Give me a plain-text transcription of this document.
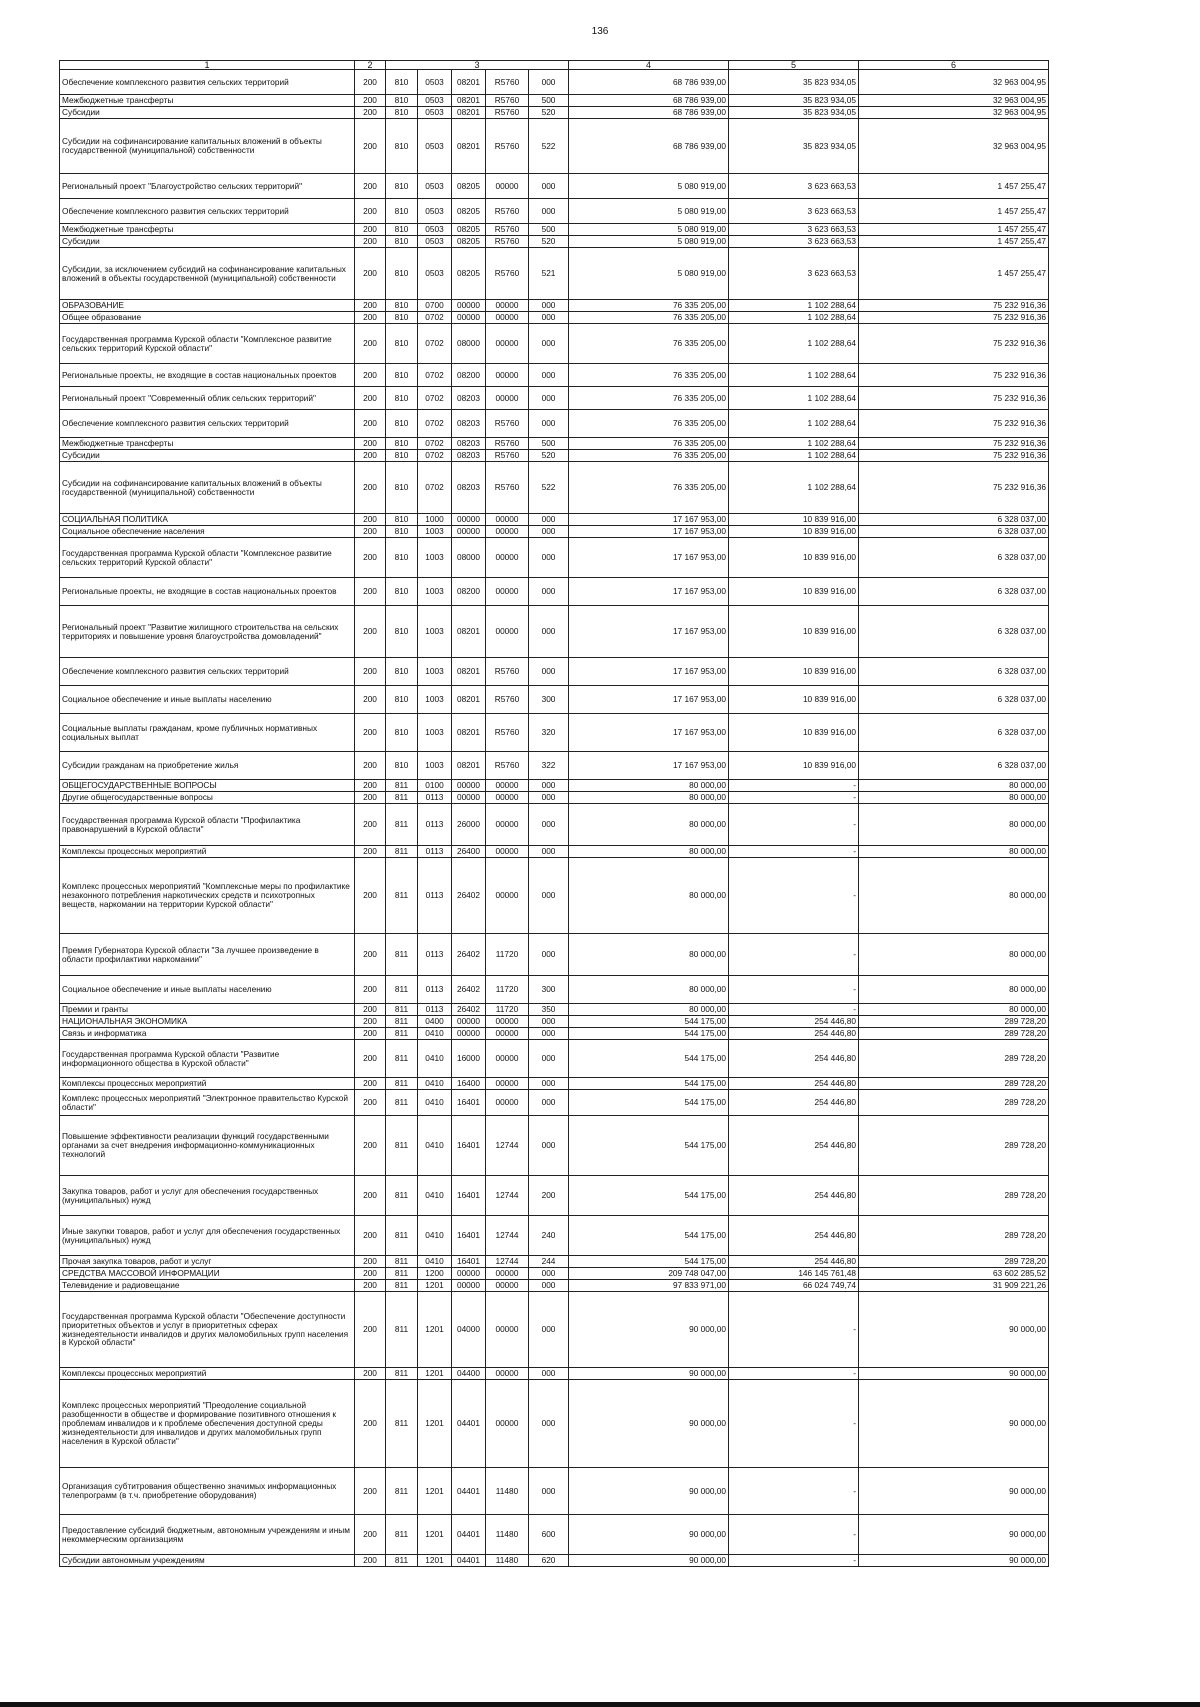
136
1	2	3					4	5	6
Обеспечение комплексного развития сельских территорий	200	810	0503	08201	R5760	000	68 786 939,00	35 823 934,05	32 963 004,95
Межбюджетные трансферты	200	810	0503	08201	R5760	500	68 786 939,00	35 823 934,05	32 963 004,95
Субсидии	200	810	0503	08201	R5760	520	68 786 939,00	35 823 934,05	32 963 004,95
Субсидии на софинансирование капитальных вложений в объекты государственной (муниципальной) собственности	200	810	0503	08201	R5760	522	68 786 939,00	35 823 934,05	32 963 004,95
Региональный проект "Благоустройство сельских территорий"	200	810	0503	08205	00000	000	5 080 919,00	3 623 663,53	1 457 255,47
Обеспечение комплексного развития сельских территорий	200	810	0503	08205	R5760	000	5 080 919,00	3 623 663,53	1 457 255,47
Межбюджетные трансферты	200	810	0503	08205	R5760	500	5 080 919,00	3 623 663,53	1 457 255,47
Субсидии	200	810	0503	08205	R5760	520	5 080 919,00	3 623 663,53	1 457 255,47
Субсидии, за исключением субсидий на софинансирование капитальных вложений в объекты государственной (муниципальной) собственности	200	810	0503	08205	R5760	521	5 080 919,00	3 623 663,53	1 457 255,47
ОБРАЗОВАНИЕ	200	810	0700	00000	00000	000	76 335 205,00	1 102 288,64	75 232 916,36
Общее образование	200	810	0702	00000	00000	000	76 335 205,00	1 102 288,64	75 232 916,36
Государственная программа Курской области "Комплексное развитие сельских территорий Курской области"	200	810	0702	08000	00000	000	76 335 205,00	1 102 288,64	75 232 916,36
Региональные проекты, не входящие в состав национальных проектов	200	810	0702	08200	00000	000	76 335 205,00	1 102 288,64	75 232 916,36
Региональный проект "Современный облик сельских территорий"	200	810	0702	08203	00000	000	76 335 205,00	1 102 288,64	75 232 916,36
Обеспечение комплексного развития сельских территорий	200	810	0702	08203	R5760	000	76 335 205,00	1 102 288,64	75 232 916,36
Межбюджетные трансферты	200	810	0702	08203	R5760	500	76 335 205,00	1 102 288,64	75 232 916,36
Субсидии	200	810	0702	08203	R5760	520	76 335 205,00	1 102 288,64	75 232 916,36
Субсидии на софинансирование капитальных вложений в объекты государственной (муниципальной) собственности	200	810	0702	08203	R5760	522	76 335 205,00	1 102 288,64	75 232 916,36
СОЦИАЛЬНАЯ ПОЛИТИКА	200	810	1000	00000	00000	000	17 167 953,00	10 839 916,00	6 328 037,00
Социальное обеспечение населения	200	810	1003	00000	00000	000	17 167 953,00	10 839 916,00	6 328 037,00
Государственная программа Курской области "Комплексное развитие сельских территорий Курской области"	200	810	1003	08000	00000	000	17 167 953,00	10 839 916,00	6 328 037,00
Региональные проекты, не входящие в состав национальных проектов	200	810	1003	08200	00000	000	17 167 953,00	10 839 916,00	6 328 037,00
Региональный проект "Развитие жилищного строительства на сельских территориях и повышение уровня благоустройства домовладений"	200	810	1003	08201	00000	000	17 167 953,00	10 839 916,00	6 328 037,00
Обеспечение комплексного развития сельских территорий	200	810	1003	08201	R5760	000	17 167 953,00	10 839 916,00	6 328 037,00
Социальное обеспечение и иные выплаты населению	200	810	1003	08201	R5760	300	17 167 953,00	10 839 916,00	6 328 037,00
Социальные выплаты гражданам, кроме публичных нормативных социальных выплат	200	810	1003	08201	R5760	320	17 167 953,00	10 839 916,00	6 328 037,00
Субсидии гражданам на приобретение жилья	200	810	1003	08201	R5760	322	17 167 953,00	10 839 916,00	6 328 037,00
ОБЩЕГОСУДАРСТВЕННЫЕ ВОПРОСЫ	200	811	0100	00000	00000	000	80 000,00	-	80 000,00
Другие общегосударственные вопросы	200	811	0113	00000	00000	000	80 000,00	-	80 000,00
Государственная программа Курской области "Профилактика правонарушений в Курской области"	200	811	0113	26000	00000	000	80 000,00	-	80 000,00
Комплексы процессных мероприятий	200	811	0113	26400	00000	000	80 000,00	-	80 000,00
Комплекс процессных мероприятий "Комплексные меры по профилактике незаконного потребления наркотических средств и психотропных веществ, наркомании на территории Курской области"	200	811	0113	26402	00000	000	80 000,00	-	80 000,00
Премия Губернатора Курской области "За лучшее произведение в области профилактики наркомании"	200	811	0113	26402	11720	000	80 000,00	-	80 000,00
Социальное обеспечение и иные выплаты населению	200	811	0113	26402	11720	300	80 000,00	-	80 000,00
Премии и гранты	200	811	0113	26402	11720	350	80 000,00	-	80 000,00
НАЦИОНАЛЬНАЯ ЭКОНОМИКА	200	811	0400	00000	00000	000	544 175,00	254 446,80	289 728,20
Связь и информатика	200	811	0410	00000	00000	000	544 175,00	254 446,80	289 728,20
Государственная программа Курской области "Развитие информационного общества в Курской области"	200	811	0410	16000	00000	000	544 175,00	254 446,80	289 728,20
Комплексы процессных мероприятий	200	811	0410	16400	00000	000	544 175,00	254 446,80	289 728,20
Комплекс процессных мероприятий "Электронное правительство Курской области"	200	811	0410	16401	00000	000	544 175,00	254 446,80	289 728,20
Повышение эффективности реализации функций государственными органами за счет внедрения информационно-коммуникационных технологий	200	811	0410	16401	12744	000	544 175,00	254 446,80	289 728,20
Закупка товаров, работ и услуг для обеспечения государственных (муниципальных) нужд	200	811	0410	16401	12744	200	544 175,00	254 446,80	289 728,20
Иные закупки товаров, работ и услуг для обеспечения государственных (муниципальных) нужд	200	811	0410	16401	12744	240	544 175,00	254 446,80	289 728,20
Прочая закупка товаров, работ и услуг	200	811	0410	16401	12744	244	544 175,00	254 446,80	289 728,20
СРЕДСТВА МАССОВОЙ ИНФОРМАЦИИ	200	811	1200	00000	00000	000	209 748 047,00	146 145 761,48	63 602 285,52
Телевидение и радиовещание	200	811	1201	00000	00000	000	97 833 971,00	66 024 749,74	31 909 221,26
Государственная программа Курской области "Обеспечение доступности приоритетных объектов и услуг в приоритетных сферах жизнедеятельности инвалидов и других маломобильных групп населения в Курской области"	200	811	1201	04000	00000	000	90 000,00	-	90 000,00
Комплексы процессных мероприятий	200	811	1201	04400	00000	000	90 000,00	-	90 000,00
Комплекс процессных мероприятий "Преодоление социальной разобщенности в обществе и формирование позитивного отношения к проблемам инвалидов и к проблеме обеспечения доступной среды жизнедеятельности для инвалидов и других маломобильных групп населения в Курской области"	200	811	1201	04401	00000	000	90 000,00	-	90 000,00
Организация субтитрования общественно значимых информационных телепрограмм (в т.ч. приобретение оборудования)	200	811	1201	04401	11480	000	90 000,00	-	90 000,00
Предоставление субсидий бюджетным, автономным учреждениям и иным некоммерческим организациям	200	811	1201	04401	11480	600	90 000,00	-	90 000,00
Субсидии автономным учреждениям	200	811	1201	04401	11480	620	90 000,00	-	90 000,00
